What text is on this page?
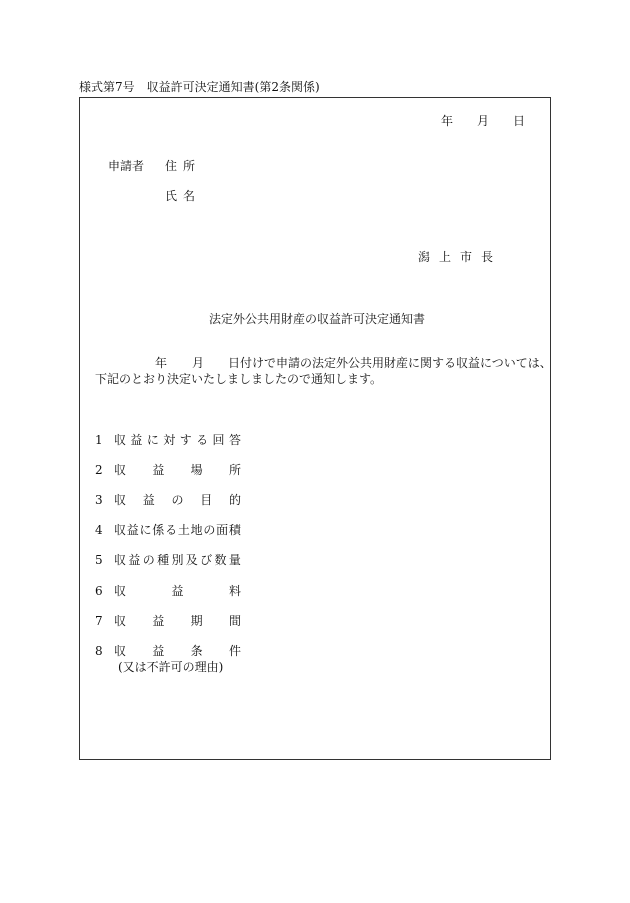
様式第7号 収益許可決定通知書(第2条関係)
年 月 日
申請者 住所
氏名
潟上市長
法定外公共用財産の収益許可決定通知書
年 月 日付けで申請の法定外公共用財産に関する収益については、
下記のとおり決定いたしましましたので通知します。
1 収 益 に 対 す る 回 答
2 収 益 場 所
3 収 益 の 目 的
4 収 益 に 係 る 土 地 の 面 積
5 収 益 の 種 別 及 び 数 量
6 収	益	料
7 収 益 期 間
8 収 益 条 件
(又は不許可の理由)
